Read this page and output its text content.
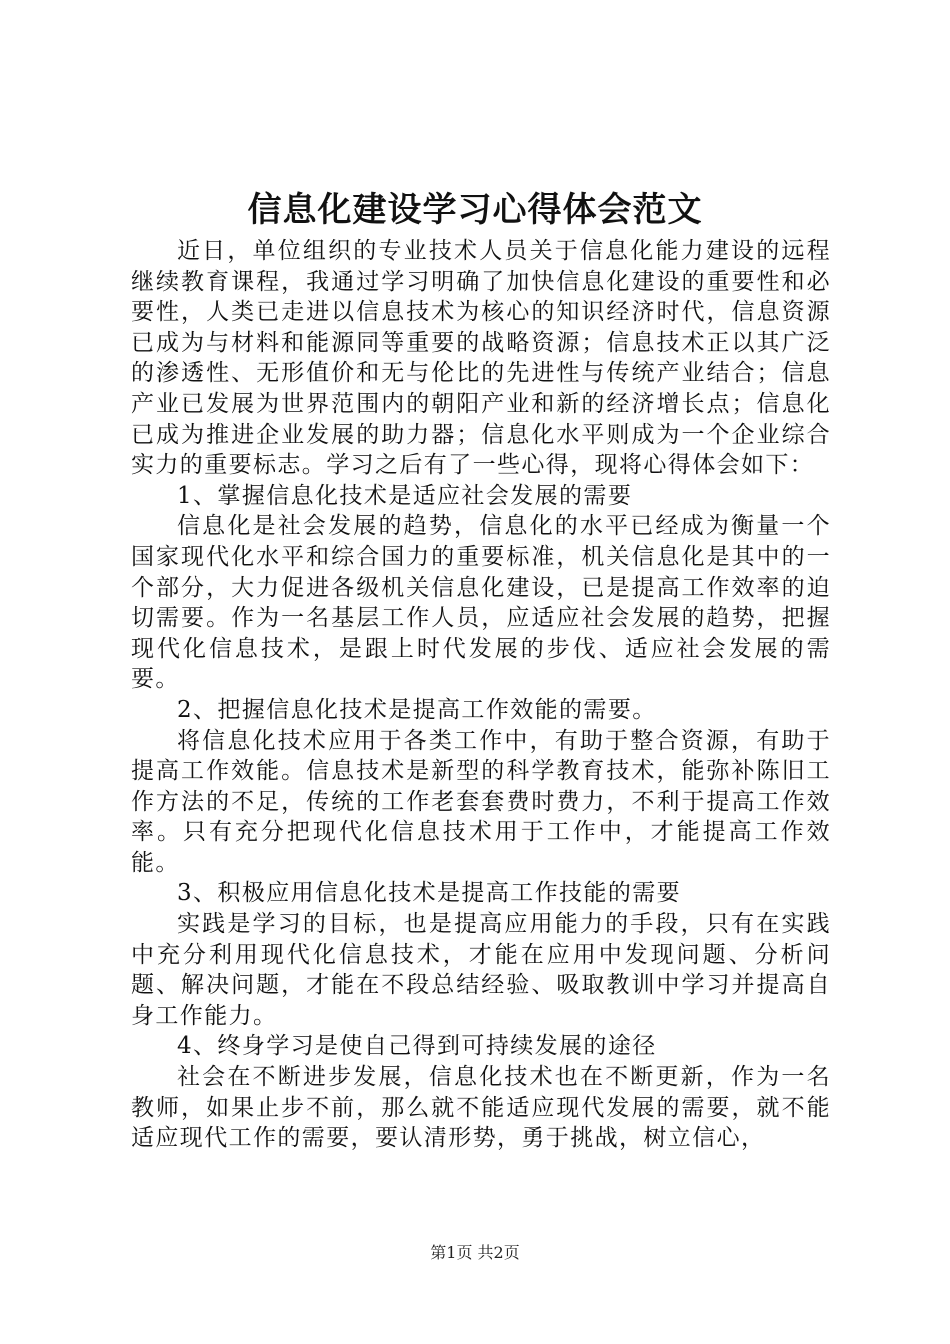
信息化建设学习心得体会范文

近日，单位组织的专业技术人员关于信息化能力建设的远程继续教育课程，我通过学习明确了加快信息化建设的重要性和必要性，人类已走进以信息技术为核心的知识经济时代，信息资源已成为与材料和能源同等重要的战略资源；信息技术正以其广泛的渗透性、无形值价和无与伦比的先进性与传统产业结合；信息产业已发展为世界范围内的朝阳产业和新的经济增长点；信息化已成为推进企业发展的助力器；信息化水平则成为一个企业综合实力的重要标志。学习之后有了一些心得，现将心得体会如下：

1、掌握信息化技术是适应社会发展的需要

信息化是社会发展的趋势，信息化的水平已经成为衡量一个国家现代化水平和综合国力的重要标准，机关信息化是其中的一个部分，大力促进各级机关信息化建设，已是提高工作效率的迫切需要。作为一名基层工作人员，应适应社会发展的趋势，把握现代化信息技术，是跟上时代发展的步伐、适应社会发展的需要。

2、把握信息化技术是提高工作效能的需要。

将信息化技术应用于各类工作中，有助于整合资源，有助于提高工作效能。信息技术是新型的科学教育技术，能弥补陈旧工作方法的不足，传统的工作老套套费时费力，不利于提高工作效率。只有充分把现代化信息技术用于工作中，才能提高工作效能。

3、积极应用信息化技术是提高工作技能的需要

实践是学习的目标，也是提高应用能力的手段，只有在实践中充分利用现代化信息技术，才能在应用中发现问题、分析问题、解决问题，才能在不段总结经验、吸取教训中学习并提高自身工作能力。

4、终身学习是使自己得到可持续发展的途径

社会在不断进步发展，信息化技术也在不断更新，作为一名教师，如果止步不前，那么就不能适应现代发展的需要，就不能适应现代工作的需要，要认清形势，勇于挑战，树立信心，

第1页 共2页
